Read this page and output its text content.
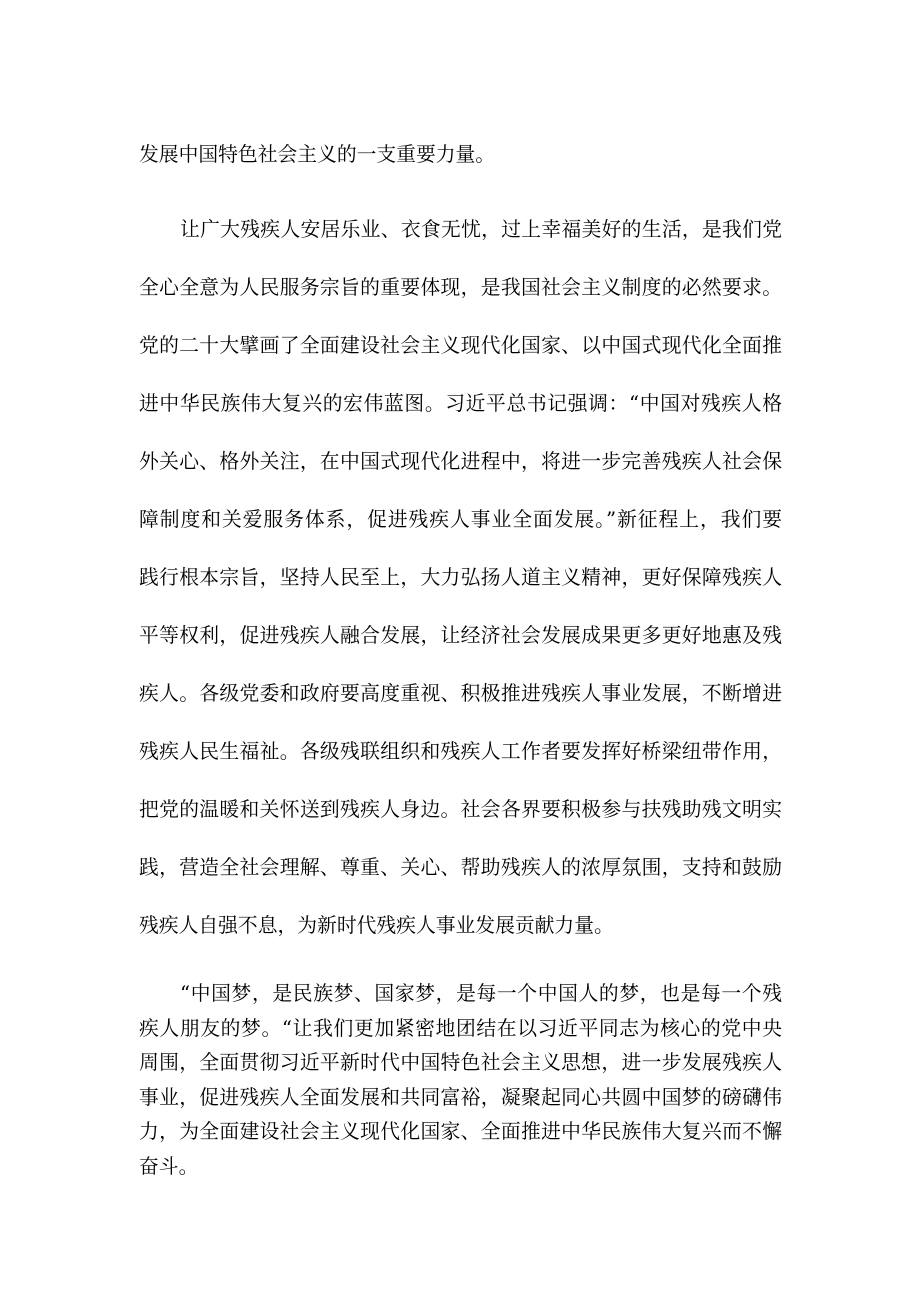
发展中国特色社会主义的一支重要力量。
让广大残疾人安居乐业、衣食无忧，过上幸福美好的生活，是我们党
全心全意为人民服务宗旨的重要体现，是我国社会主义制度的必然要求。
党的二十大擘画了全面建设社会主义现代化国家、以中国式现代化全面推
进中华民族伟大复兴的宏伟蓝图。习近平总书记强调：“中国对残疾人格
外关心、格外关注，在中国式现代化进程中，将进一步完善残疾人社会保
障制度和关爱服务体系，促进残疾人事业全面发展。”新征程上，我们要
践行根本宗旨，坚持人民至上，大力弘扬人道主义精神，更好保障残疾人
平等权利，促进残疾人融合发展，让经济社会发展成果更多更好地惠及残
疾人。各级党委和政府要高度重视、积极推进残疾人事业发展，不断增进
残疾人民生福祉。各级残联组织和残疾人工作者要发挥好桥梁纽带作用，
把党的温暖和关怀送到残疾人身边。社会各界要积极参与扶残助残文明实
践，营造全社会理解、尊重、关心、帮助残疾人的浓厚氛围，支持和鼓励
残疾人自强不息，为新时代残疾人事业发展贡献力量。
“中国梦，是民族梦、国家梦，是每一个中国人的梦，也是每一个残
疾人朋友的梦。“让我们更加紧密地团结在以习近平同志为核心的党中央
周围，全面贯彻习近平新时代中国特色社会主义思想，进一步发展残疾人
事业，促进残疾人全面发展和共同富裕，凝聚起同心共圆中国梦的磅礴伟
力，为全面建设社会主义现代化国家、全面推进中华民族伟大复兴而不懈
奋斗。
